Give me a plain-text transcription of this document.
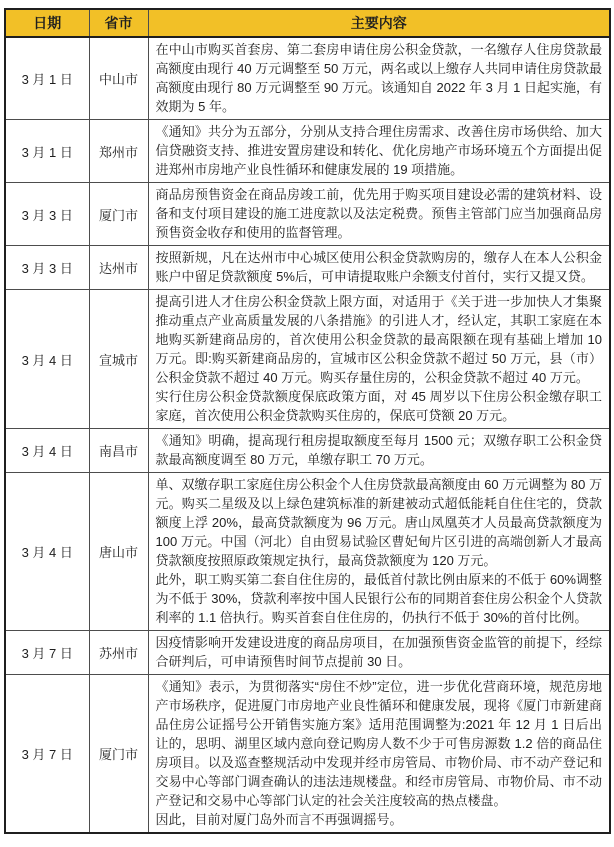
日期	省市	主要内容
3 月 1 日	中山市	在中山市购买首套房、第二套房申请住房公积金贷款，一名缴存人住房贷款最高额度由现行 40 万元调整至 50 万元，两名或以上缴存人共同申请住房贷款最高额度由现行 80 万元调整至 90 万元。该通知自 2022 年 3 月 1 日起实施，有效期为 5 年。

3 月 1 日	郑州市	《通知》共分为五部分，分别从支持合理住房需求、改善住房市场供给、加大信贷融资支持、推进安置房建设和转化、优化房地产市场环境五个方面提出促进郑州市房地产业良性循环和健康发展的 19 项措施。

3 月 3 日	厦门市	商品房预售资金在商品房竣工前，优先用于购买项目建设必需的建筑材料、设备和支付项目建设的施工进度款以及法定税费。预售主管部门应当加强商品房预售资金收存和使用的监督管理。

3 月 3 日	达州市	按照新规，凡在达州市中心城区使用公积金贷款购房的，缴存人在本人公积金账户中留足贷款额度 5%后，可申请提取账户余额支付首付，实行又提又贷。

3 月 4 日	宣城市	提高引进人才住房公积金贷款上限方面，对适用于《关于进一步加快人才集聚推动重点产业高质量发展的八条措施》的引进人才，经认定，其职工家庭在本地购买新建商品房的，首次使用公积金贷款的最高限额在现有基础上增加 10 万元。即:购买新建商品房的，宣城市区公积金贷款不超过 50 万元，县（市）公积金贷款不超过 40 万元。购买存量住房的，公积金贷款不超过 40 万元。
实行住房公积金贷款额度保底政策方面，对 45 周岁以下住房公积金缴存职工家庭，首次使用公积金贷款购买住房的，保底可贷额 20 万元。

3 月 4 日	南昌市	《通知》明确，提高现行租房提取额度至每月 1500 元；双缴存职工公积金贷款最高额度调至 80 万元，单缴存职工 70 万元。

3 月 4 日	唐山市	单、双缴存职工家庭住房公积金个人住房贷款最高额度由 60 万元调整为 80 万元。购买二星级及以上绿色建筑标准的新建被动式超低能耗自住住宅的，贷款额度上浮 20%，最高贷款额度为 96 万元。唐山凤凰英才人员最高贷款额度为 100 万元。中国（河北）自由贸易试验区曹妃甸片区引进的高端创新人才最高贷款额度按照原政策规定执行，最高贷款额度为 120 万元。
此外，职工购买第二套自住住房的，最低首付款比例由原来的不低于 60%调整为不低于 30%，贷款利率按中国人民银行公布的同期首套住房公积金个人贷款利率的 1.1 倍执行。购买首套自住住房的，仍执行不低于 30%的首付比例。

3 月 7 日	苏州市	因疫情影响开发建设进度的商品房项目，在加强预售资金监管的前提下，经综合研判后，可申请预售时间节点提前 30 日。

3 月 7 日	厦门市	《通知》表示，为贯彻落实“房住不炒”定位，进一步优化营商环境，规范房地产市场秩序，促进厦门市房地产业良性循环和健康发展，现将《厦门市新建商品住房公证摇号公开销售实施方案》适用范围调整为:2021 年 12 月 1 日后出让的，思明、湖里区域内意向登记购房人数不少于可售房源数 1.2 倍的商品住房项目。以及巡查整规活动中发现并经市房管局、市物价局、市不动产登记和交易中心等部门调查确认的违法违规楼盘。和经市房管局、市物价局、市不动产登记和交易中心等部门认定的社会关注度较高的热点楼盘。
因此，目前对厦门岛外而言不再强调摇号。
